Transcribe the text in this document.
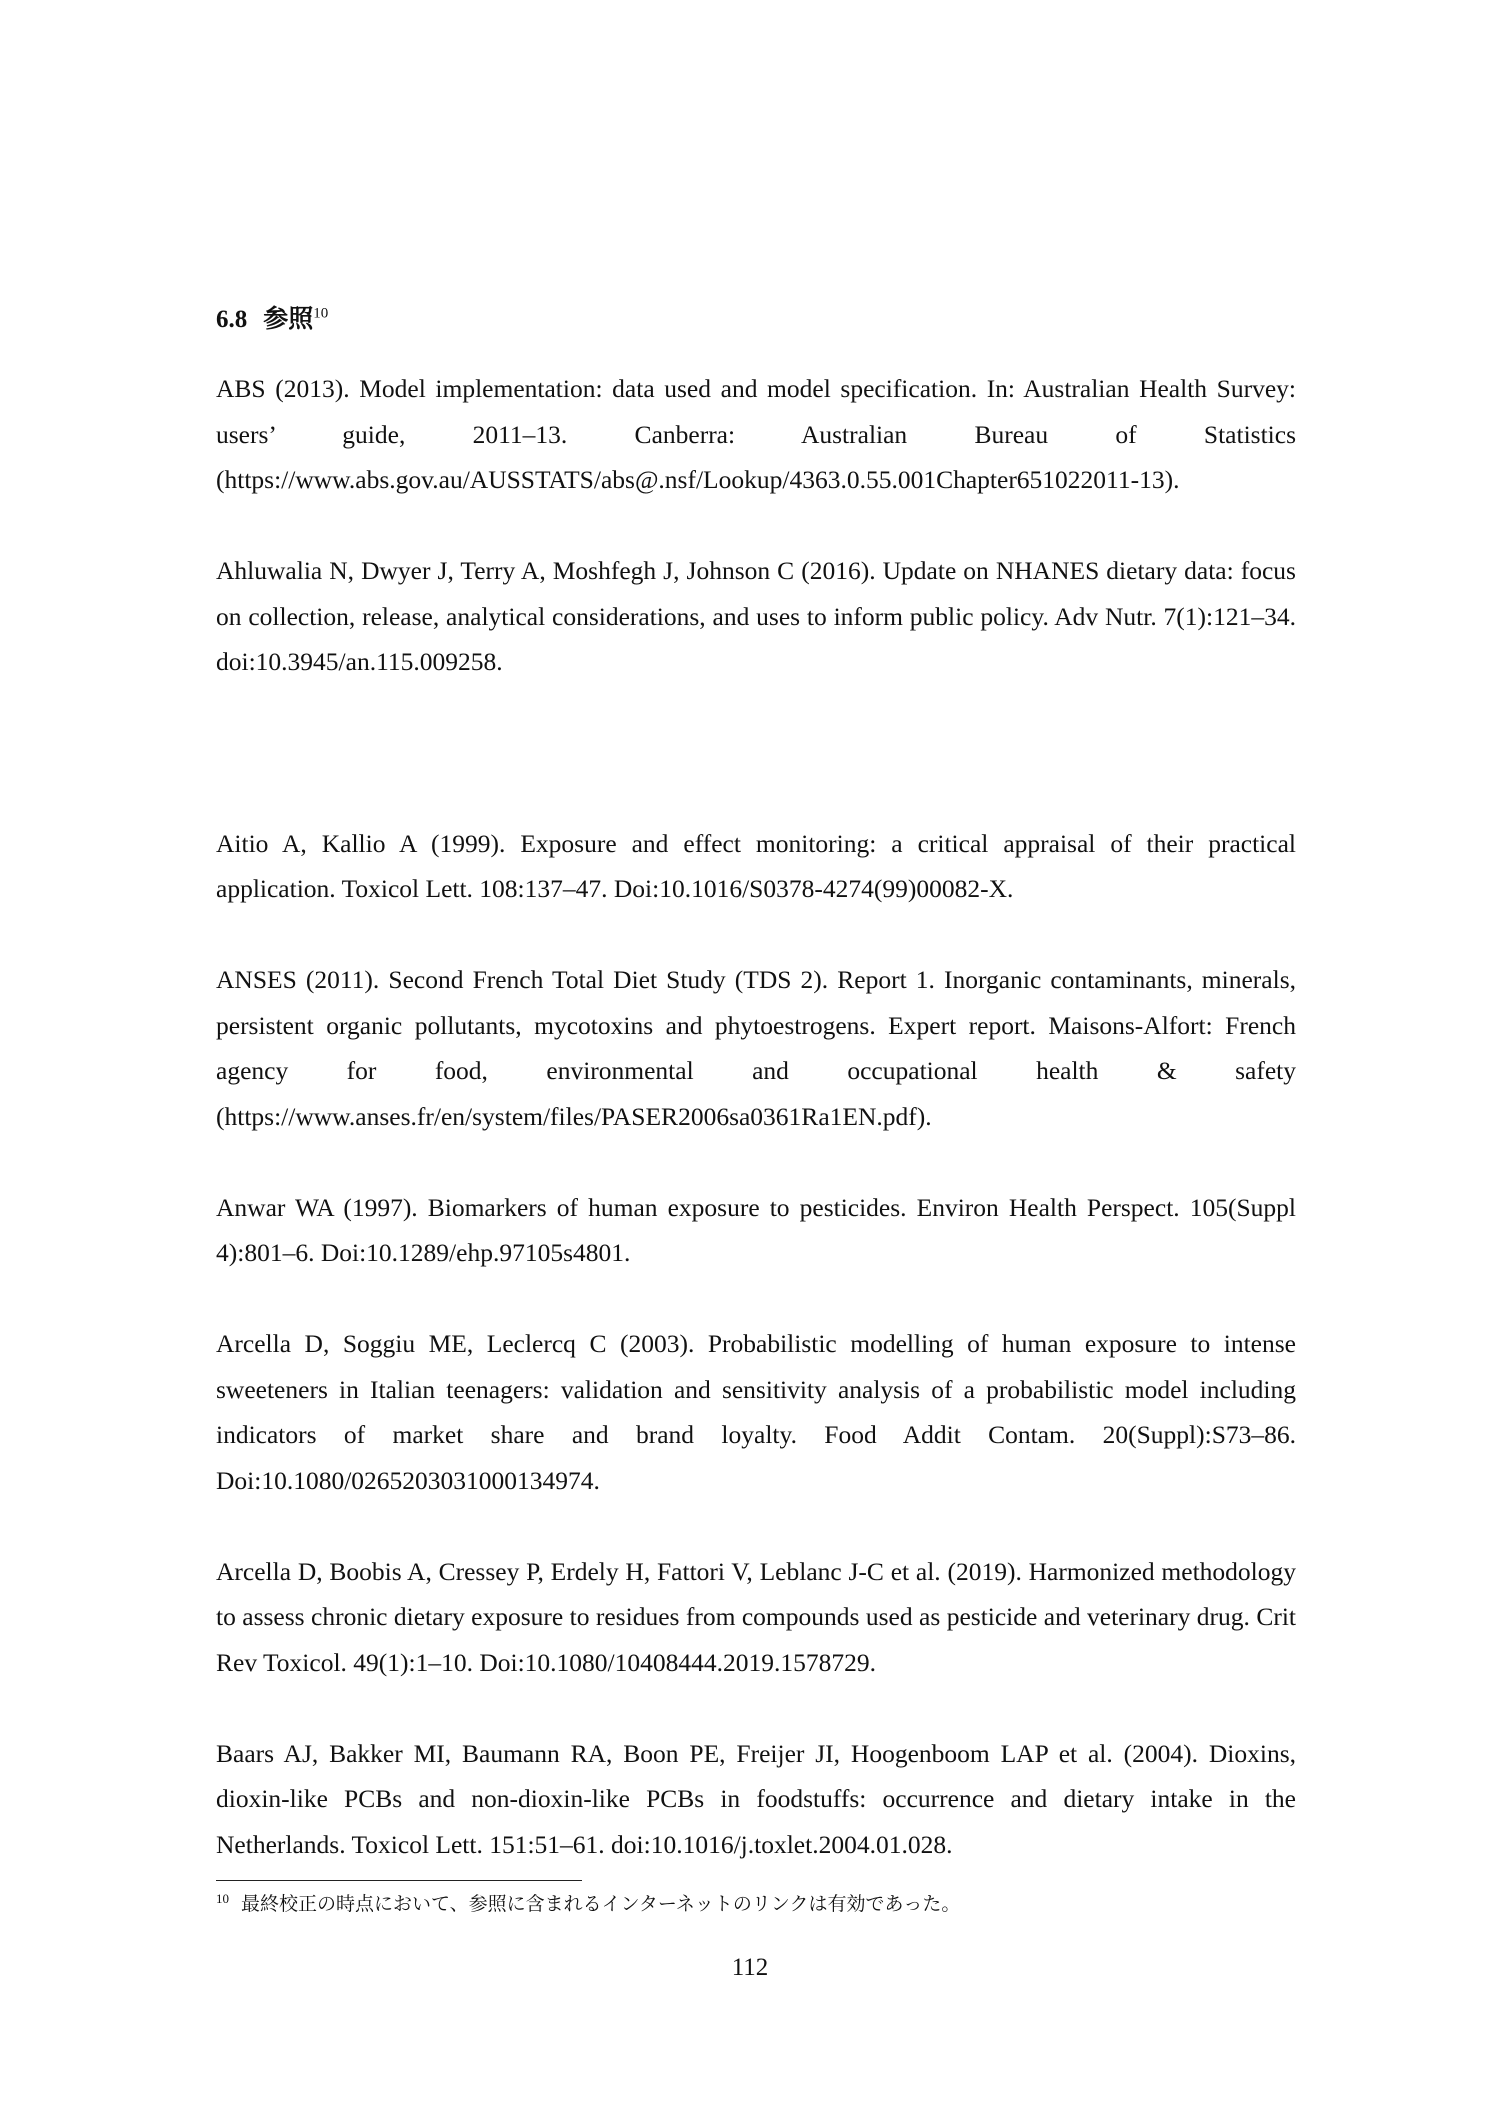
6.8 参照$^{10}$

ABS (2013). Model implementation: data used and model specification. In: Australian Health Survey: users’ guide, 2011–13. Canberra: Australian Bureau of Statistics (https://www.abs.gov.au/AUSSTATS/abs@.nsf/Lookup/4363.0.55.001Chapter651022011-13).

Ahluwalia N, Dwyer J, Terry A, Moshfegh J, Johnson C (2016). Update on NHANES dietary data: focus on collection, release, analytical considerations, and uses to inform public policy. Adv Nutr. 7(1):121–34. doi:10.3945/an.115.009258.

Aitio A, Kallio A (1999). Exposure and effect monitoring: a critical appraisal of their practical application. Toxicol Lett. 108:137–47. Doi:10.1016/S0378-4274(99)00082-X.

ANSES (2011). Second French Total Diet Study (TDS 2). Report 1. Inorganic contaminants, minerals, persistent organic pollutants, mycotoxins and phytoestrogens. Expert report. Maisons-Alfort: French agency for food, environmental and occupational health & safety (https://www.anses.fr/en/system/files/PASER2006sa0361Ra1EN.pdf).

Anwar WA (1997). Biomarkers of human exposure to pesticides. Environ Health Perspect. 105(Suppl 4):801–6. Doi:10.1289/ehp.97105s4801.

Arcella D, Soggiu ME, Leclercq C (2003). Probabilistic modelling of human exposure to intense sweeteners in Italian teenagers: validation and sensitivity analysis of a probabilistic model including indicators of market share and brand loyalty. Food Addit Contam. 20(Suppl):S73–86. Doi:10.1080/0265203031000134974.

Arcella D, Boobis A, Cressey P, Erdely H, Fattori V, Leblanc J-C et al. (2019). Harmonized methodology to assess chronic dietary exposure to residues from compounds used as pesticide and veterinary drug. Crit Rev Toxicol. 49(1):1–10. Doi:10.1080/10408444.2019.1578729.

Baars AJ, Bakker MI, Baumann RA, Boon PE, Freijer JI, Hoogenboom LAP et al. (2004). Dioxins, dioxin-like PCBs and non-dioxin-like PCBs in foodstuffs: occurrence and dietary intake in the Netherlands. Toxicol Lett. 151:51–61. doi:10.1016/j.toxlet.2004.01.028.

$^{10}$ 最終校正の時点において、参照に含まれるインターネットのリンクは有効であった。
112
